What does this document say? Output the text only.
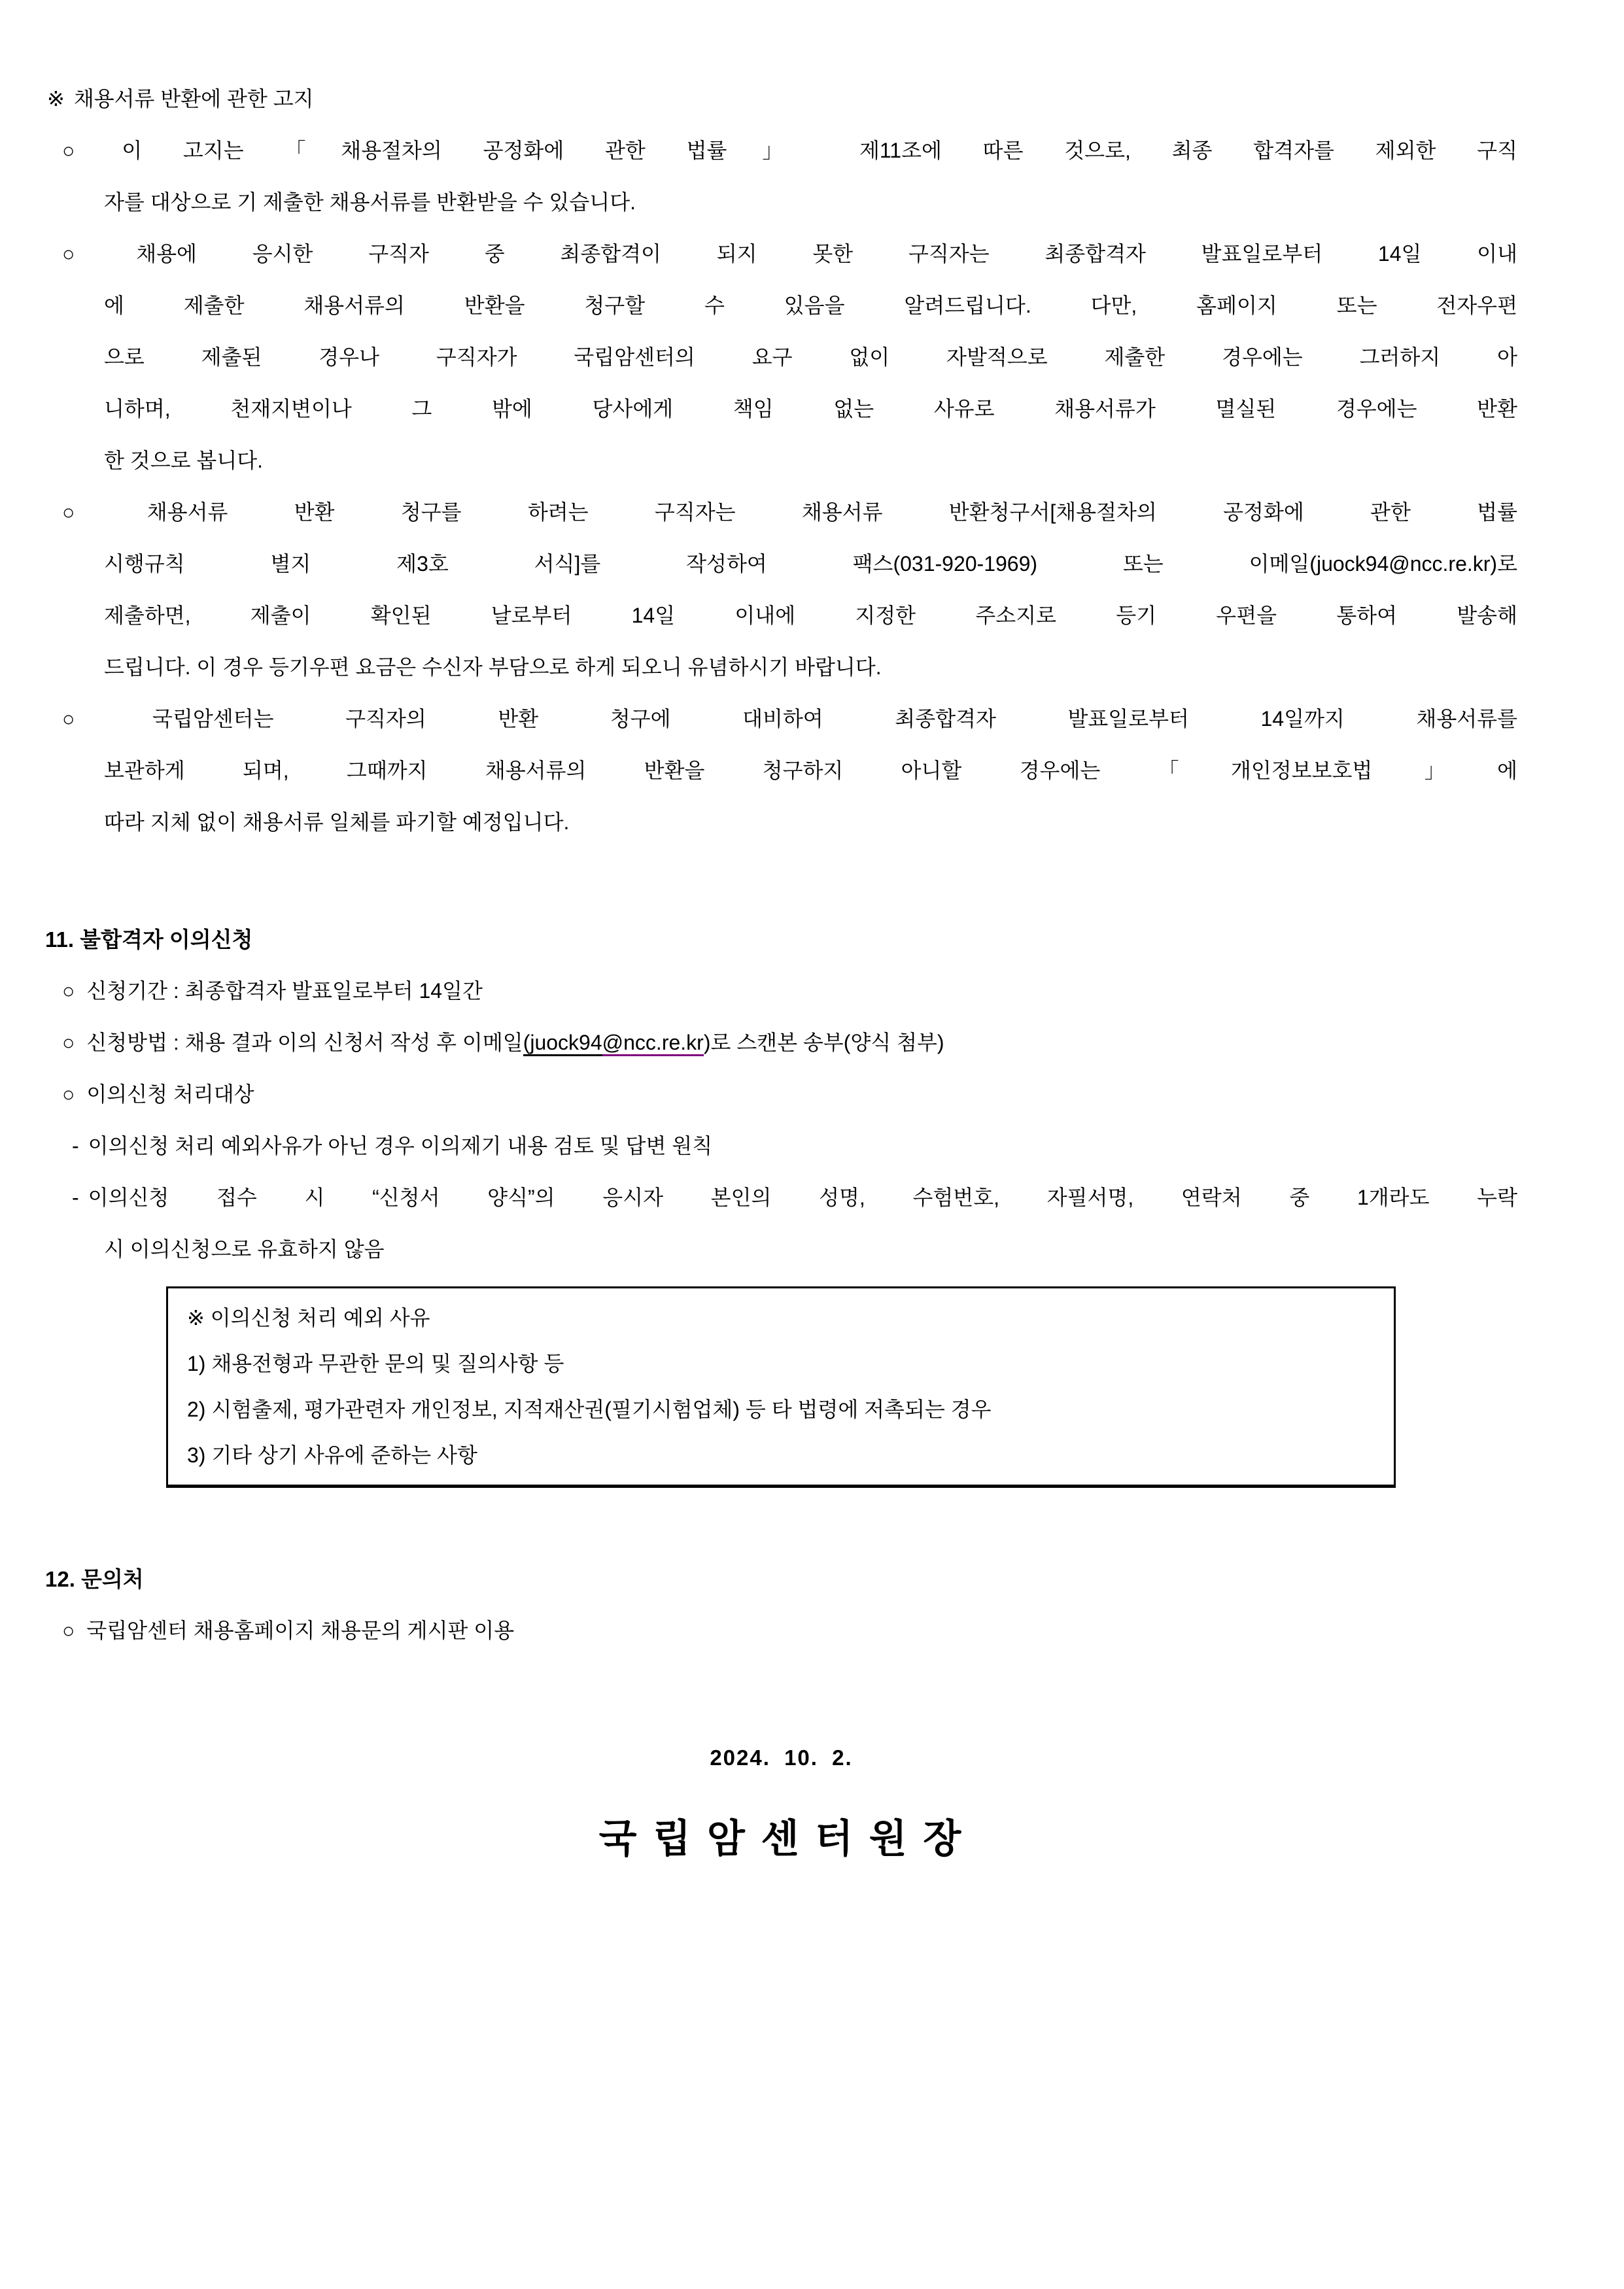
※ 채용서류 반환에 관한 고지
○ 이 고지는 「채용절차의 공정화에 관한 법률」 제11조에 따른 것으로, 최종 합격자를 제외한 구직
자를 대상으로 기 제출한 채용서류를 반환받을 수 있습니다.
○ 채용에 응시한 구직자 중 최종합격이 되지 못한 구직자는 최종합격자 발표일로부터 14일 이내
에 제출한 채용서류의 반환을 청구할 수 있음을 알려드립니다. 다만, 홈페이지 또는 전자우편
으로 제출된 경우나 구직자가 국립암센터의 요구 없이 자발적으로 제출한 경우에는 그러하지 아
니하며, 천재지변이나 그 밖에 당사에게 책임 없는 사유로 채용서류가 멸실된 경우에는 반환
한 것으로 봅니다.
○ 채용서류 반환 청구를 하려는 구직자는 채용서류 반환청구서[채용절차의 공정화에 관한 법률
시행규칙 별지 제3호 서식]를 작성하여 팩스(031-920-1969) 또는 이메일(juock94@ncc.re.kr)로
제출하면, 제출이 확인된 날로부터 14일 이내에 지정한 주소지로 등기 우편을 통하여 발송해
드립니다. 이 경우 등기우편 요금은 수신자 부담으로 하게 되오니 유념하시기 바랍니다.
○ 국립암센터는 구직자의 반환 청구에 대비하여 최종합격자 발표일로부터 14일까지 채용서류를
보관하게 되며, 그때까지 채용서류의 반환을 청구하지 아니할 경우에는 「개인정보보호법」에
따라 지체 없이 채용서류 일체를 파기할 예정입니다.
11. 불합격자 이의신청
○ 신청기간 : 최종합격자 발표일로부터 14일간
○ 신청방법 : 채용 결과 이의 신청서 작성 후 이메일(juock94@ncc.re.kr)로 스캔본 송부(양식 첨부)
○ 이의신청 처리대상
- 이의신청 처리 예외사유가 아닌 경우 이의제기 내용 검토 및 답변 원칙
- 이의신청 접수 시 “신청서 양식”의 응시자 본인의 성명, 수험번호, 자필서명, 연락처 중 1개라도 누락
시 이의신청으로 유효하지 않음
※ 이의신청 처리 예외 사유
1) 채용전형과 무관한 문의 및 질의사항 등
2) 시험출제, 평가관련자 개인정보, 지적재산권(필기시험업체) 등 타 법령에 저촉되는 경우
3) 기타 상기 사유에 준하는 사항
12. 문의처
○ 국립암센터 채용홈페이지 채용문의 게시판 이용
2024. 10. 2.
국 립 암 센 터 원 장
